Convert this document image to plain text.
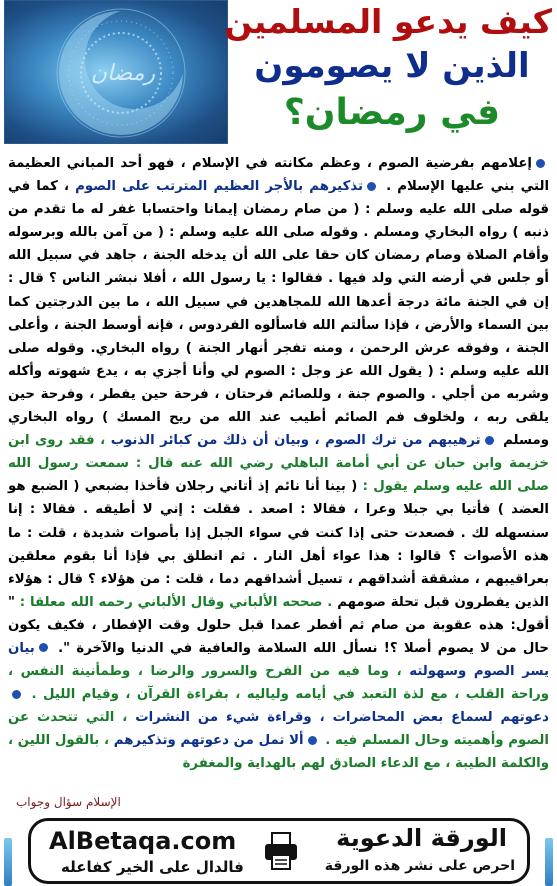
رمضان
كيف يدعو المسلمين
الذين لا يصومون
في رمضان؟
إعلامهم بفرضية الصوم ، وعظم مكانته في الإسلام ، فهو أحد المباني العظيمة التي بني عليها الإسلام . تذكيرهم بالأجر العظيم المترتب على الصوم ، كما في قوله صلى الله عليه وسلم : ( من صام رمضان إيمانا واحتسابا غفر له ما تقدم من ذنبه ) رواه البخاري ومسلم . وقوله صلى الله عليه وسلم : ( من آمن بالله وبرسوله وأقام الصلاة وصام رمضان كان حقا على الله أن يدخله الجنة ، جاهد في سبيل الله أو جلس في أرضه التي ولد فيها . فقالوا : يا رسول الله ، أفلا نبشر الناس ؟ قال : إن في الجنة مائة درجة أعدها الله للمجاهدين في سبيل الله ، ما بين الدرجتين كما بين السماء والأرض ، فإذا سألتم الله فاسألوه الفردوس ، فإنه أوسط الجنة ، وأعلى الجنة ، وفوقه عرش الرحمن ، ومنه تفجر أنهار الجنة ) رواه البخاري. وقوله صلى الله عليه وسلم : ( يقول الله عز وجل : الصوم لي وأنا أجزي به ، يدع شهوته وأكله وشربه من أجلي . والصوم جنة ، وللصائم فرحتان ، فرحة حين يفطر ، وفرحة حين يلقى ربه ، ولخلوف فم الصائم أطيب عند الله من ريح المسك ) رواه البخاري ومسلم ترهيبهم من ترك الصوم ، وبيان أن ذلك من كبائر الذنوب ، فقد روى ابن خزيمة وابن حبان عن أبي أمامة الباهلي رضي الله عنه قال : سمعت رسول الله صلى الله عليه وسلم يقول : ( بينا أنا نائم إذ أتاني رجلان فأخذا بضبعي ( الضبع هو العضد ) فأتيا بي جبلا وعرا ، فقالا : اصعد . فقلت : إني لا أطيقه . فقالا : إنا سنسهله لك . فصعدت حتى إذا كنت في سواء الجبل إذا بأصوات شديدة ، قلت : ما هذه الأصوات ؟ قالوا : هذا عواء أهل النار . ثم انطلق بي فإذا أنا بقوم معلقين بعراقيبهم ، مشققة أشداقهم ، تسيل أشداقهم دما ، قلت : من هؤلاء ؟ قال : هؤلاء الذين يفطرون قبل تحلة صومهم . صححه الألباني وقال الألباني رحمه الله معلقا : " أقول: هذه عقوبة من صام ثم أفطر عمدا قبل حلول وقت الإفطار ، فكيف يكون حال من لا يصوم أصلا ؟! نسأل الله السلامة والعافية في الدنيا والآخرة ". بيان يسر الصوم وسهولته ، وما فيه من الفرح والسرور والرضا ، وطمأنينة النفس ، وراحة القلب ، مع لذة التعبد في أيامه ولياليه ، بقراءة القرآن ، وقيام الليل . دعوتهم لسماع بعض المحاضرات ، وقراءة شيء من النشرات ، التي تتحدث عن الصوم وأهميته وحال المسلم فيه . ألا تمل من دعوتهم وتذكيرهم ، بالقول اللين ، والكلمة الطيبة ، مع الدعاء الصادق لهم بالهداية والمغفرة
الإسلام سؤال وجواب
AlBetaqa.com
فالدال على الخير كفاعله
الورقة الدعوية
احرص على نشر هذه الورقة
